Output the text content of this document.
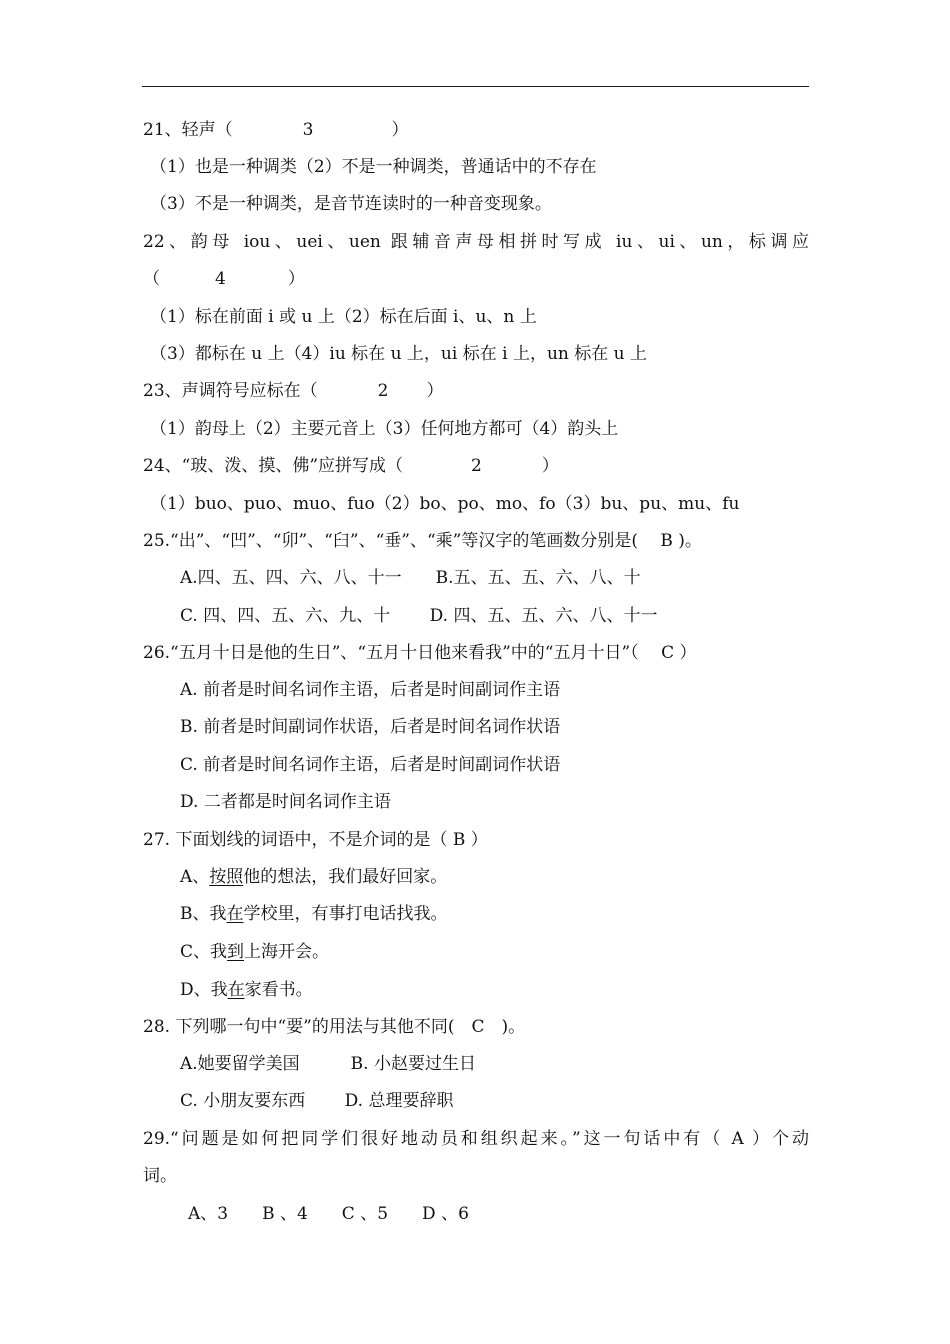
21、轻声（	3	）
（1）也是一种调类（2）不是一种调类，普通话中的不存在
（3）不是一种调类，是音节连读时的一种音变现象。
22、韵母 iou、uei、uen 跟辅音声母相拼时写成 iu、ui、un，标调应
（	4	）
（1）标在前面 i 或 u 上（2）标在后面 i、u、n 上
（3）都标在 u 上（4）iu 标在 u 上，ui 标在 i 上，un 标在 u 上
23、声调符号应标在（	2 ）
（1）韵母上（2）主要元音上（3）任何地方都可（4）韵头上
24、“玻、泼、摸、佛”应拼写成（	2	）
（1）buo、puo、muo、fuo（2）bo、po、mo、fo（3）bu、pu、mu、fu
25.“出”、“凹”、“卯”、“臼”、“垂”、“乘”等汉字的笔画数分别是(　 B )。
A.四、五、四、六、八、十一　　B.五、五、五、六、八、十
C. 四、四、五、六、九、十　　 D. 四、五、五、六、八、十一
26.“五月十日是他的生日”、“五月十日他来看我”中的“五月十日”（　 C ）
A. 前者是时间名词作主语，后者是时间副词作主语
B. 前者是时间副词作状语，后者是时间名词作状语
C. 前者是时间名词作主语，后者是时间副词作状语
D. 二者都是时间名词作主语
27. 下面划线的词语中，不是介词的是（ B ）
A、按照他的想法，我们最好回家。
B、我在学校里，有事打电话找我。
C、我到上海开会。
D、我在家看书。
28. 下列哪一句中“要”的用法与其他不同(　C　)。
A.她要留学美国　　　B. 小赵要过生日
C. 小朋友要东西　　 D. 总理要辞职
29.“问题是如何把同学们很好地动员和组织起来。”这一句话中有（ A ）个动
词。
A、3　　B 、4　　C 、5　　D 、6
